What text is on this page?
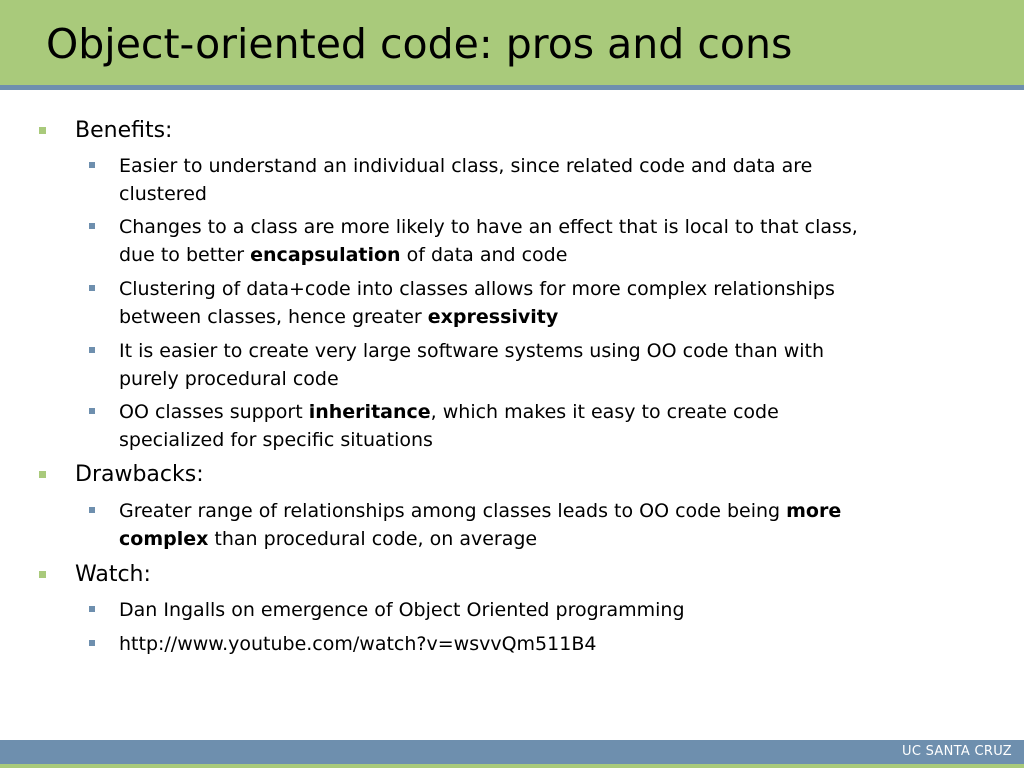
Object-oriented code: pros and cons
Benefits:
Easier to understand an individual class, since related code and data are
clustered
Changes to a class are more likely to have an effect that is local to that class,
due to better encapsulation of data and code
Clustering of data+code into classes allows for more complex relationships
between classes, hence greater expressivity
It is easier to create very large software systems using OO code than with
purely procedural code
OO classes support inheritance, which makes it easy to create code
specialized for specific situations
Drawbacks:
Greater range of relationships among classes leads to OO code being more
complex than procedural code, on average
Watch:
Dan Ingalls on emergence of Object Oriented programming
http://www.youtube.com/watch?v=wsvvQm511B4
UC SANTA CRUZ
